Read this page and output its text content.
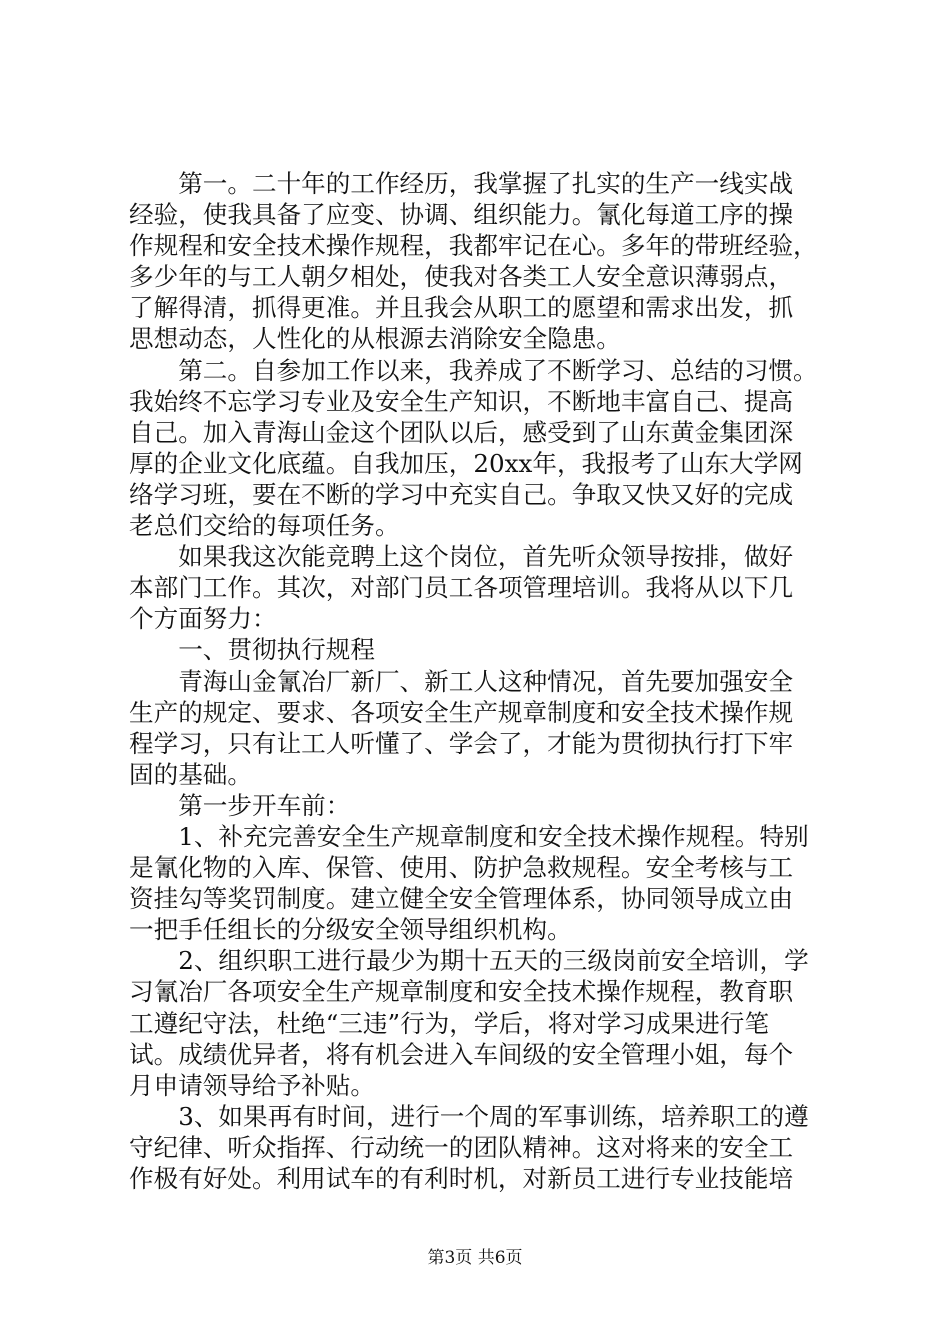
　　第一。二十年的工作经历，我掌握了扎实的生产一线实战
经验，使我具备了应变、协调、组织能力。氰化每道工序的操
作规程和安全技术操作规程，我都牢记在心。多年的带班经验，
多少年的与工人朝夕相处，使我对各类工人安全意识薄弱点，
了解得清，抓得更准。并且我会从职工的愿望和需求出发，抓
思想动态，人性化的从根源去消除安全隐患。
　　第二。自参加工作以来，我养成了不断学习、总结的习惯。
我始终不忘学习专业及安全生产知识，不断地丰富自己、提高
自己。加入青海山金这个团队以后，感受到了山东黄金集团深
厚的企业文化底蕴。自我加压，20xx年，我报考了山东大学网
络学习班，要在不断的学习中充实自己。争取又快又好的完成
老总们交给的每项任务。
　　如果我这次能竞聘上这个岗位，首先听众领导按排，做好
本部门工作。其次，对部门员工各项管理培训。我将从以下几
个方面努力：
　　一、贯彻执行规程
　　青海山金氰冶厂新厂、新工人这种情况，首先要加强安全
生产的规定、要求、各项安全生产规章制度和安全技术操作规
程学习，只有让工人听懂了、学会了，才能为贯彻执行打下牢
固的基础。
　　第一步开车前：
　　1、补充完善安全生产规章制度和安全技术操作规程。特别
是氰化物的入库、保管、使用、防护急救规程。安全考核与工
资挂勾等奖罚制度。建立健全安全管理体系，协同领导成立由
一把手任组长的分级安全领导组织机构。
　　2、组织职工进行最少为期十五天的三级岗前安全培训，学
习氰冶厂各项安全生产规章制度和安全技术操作规程，教育职
工遵纪守法，杜绝“三违”行为，学后，将对学习成果进行笔
试。成绩优异者，将有机会进入车间级的安全管理小姐，每个
月申请领导给予补贴。
　　3、如果再有时间，进行一个周的军事训练，培养职工的遵
守纪律、听众指挥、行动统一的团队精神。这对将来的安全工
作极有好处。利用试车的有利时机，对新员工进行专业技能培
第3页 共6页
